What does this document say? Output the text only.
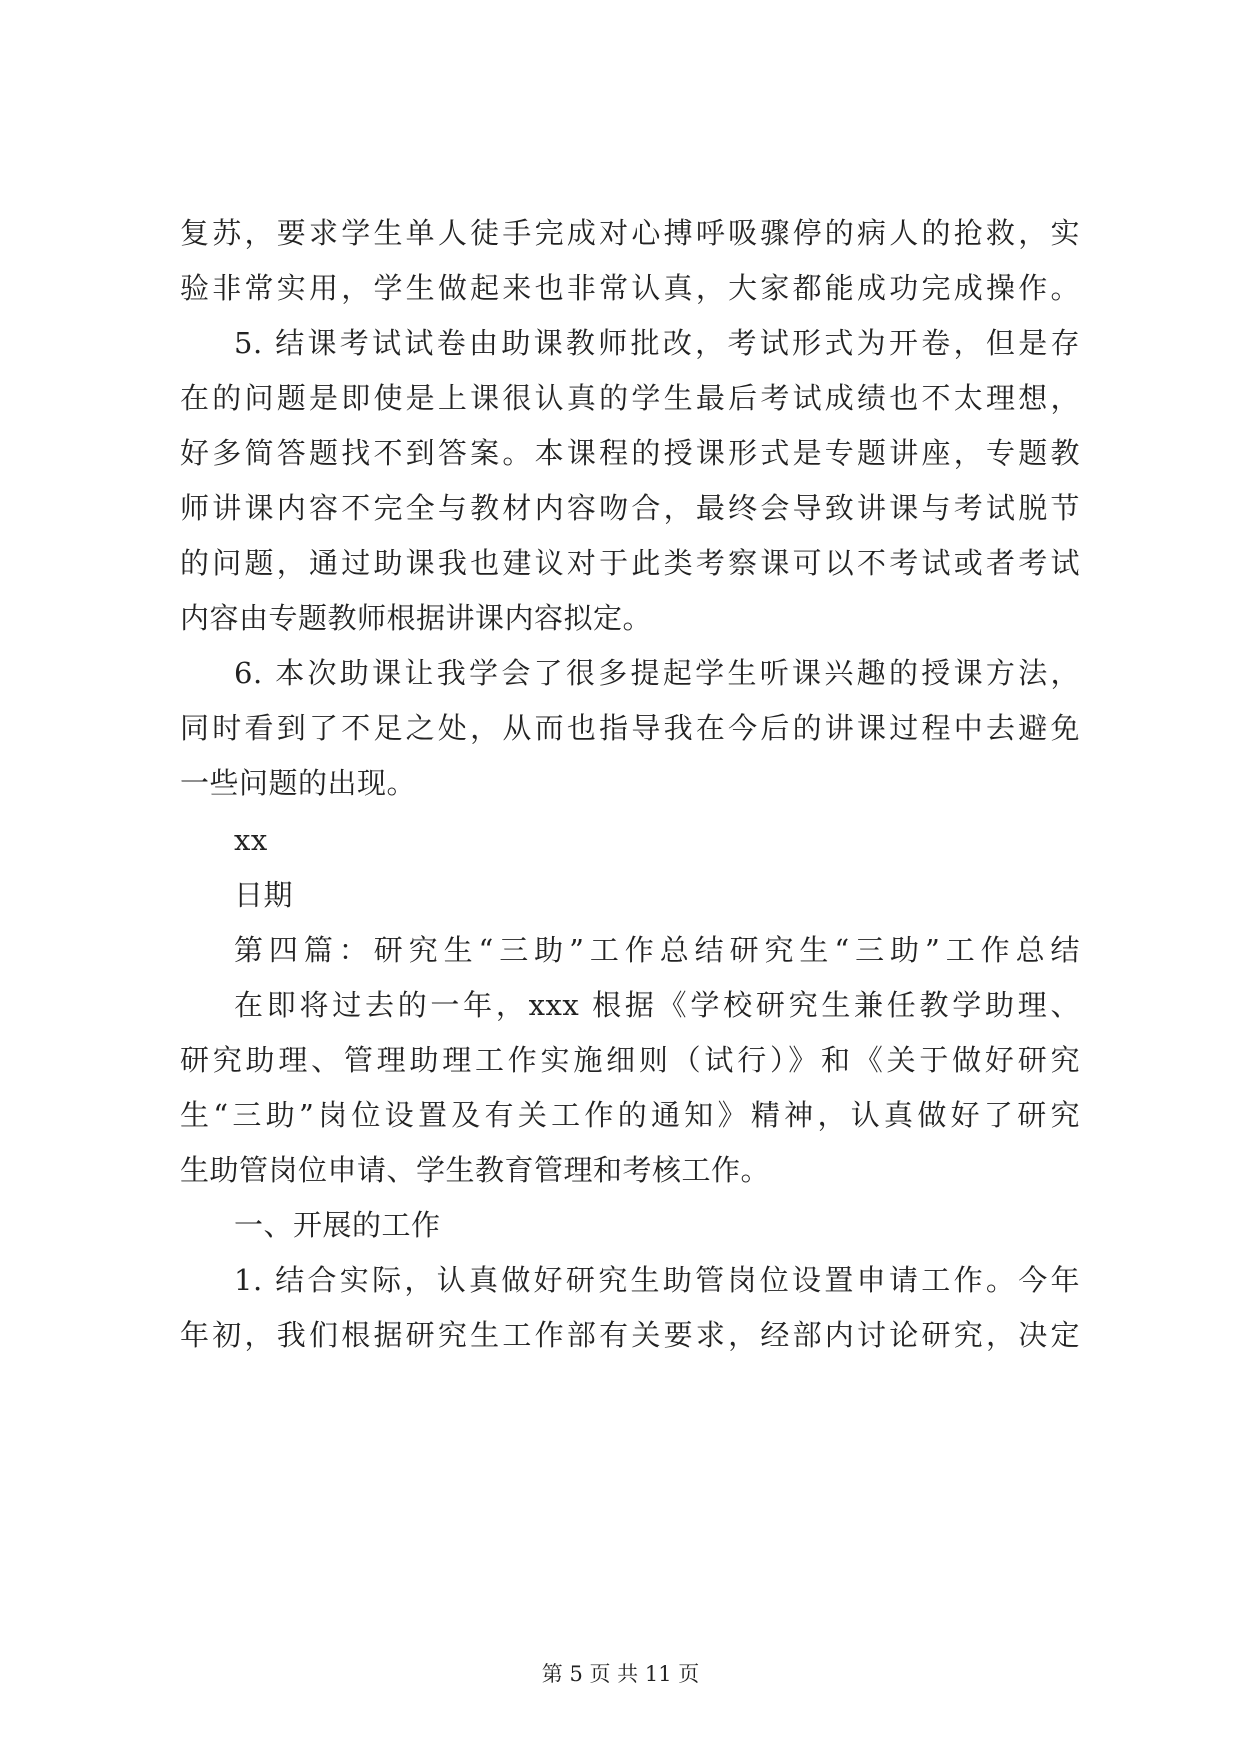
复苏，要求学生单人徒手完成对心搏呼吸骤停的病人的抢救，实
验非常实用，学生做起来也非常认真，大家都能成功完成操作。
5. 结课考试试卷由助课教师批改，考试形式为开卷，但是存
在的问题是即使是上课很认真的学生最后考试成绩也不太理想，
好多简答题找不到答案。本课程的授课形式是专题讲座，专题教
师讲课内容不完全与教材内容吻合，最终会导致讲课与考试脱节
的问题，通过助课我也建议对于此类考察课可以不考试或者考试
内容由专题教师根据讲课内容拟定。
6. 本次助课让我学会了很多提起学生听课兴趣的授课方法，
同时看到了不足之处，从而也指导我在今后的讲课过程中去避免
一些问题的出现。
xx
日期
第四篇：研究生“三助”工作总结研究生“三助”工作总结
在即将过去的一年，xxx 根据《学校研究生兼任教学助理、
研究助理、管理助理工作实施细则（试行）》和《关于做好研究
生“三助”岗位设置及有关工作的通知》精神，认真做好了研究
生助管岗位申请、学生教育管理和考核工作。
一、开展的工作
1. 结合实际，认真做好研究生助管岗位设置申请工作。今年
年初，我们根据研究生工作部有关要求，经部内讨论研究，决定
第 5 页 共 11 页
